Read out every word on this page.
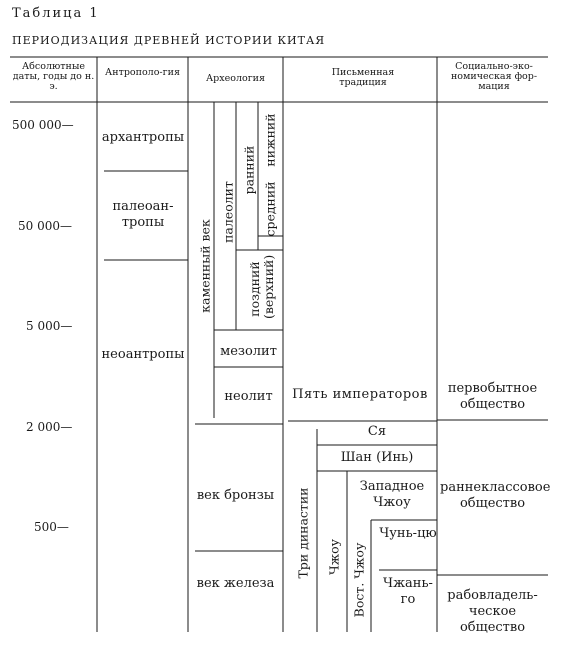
Таблица 1
ПЕРИОДИЗАЦИЯ ДРЕВНЕЙ ИСТОРИИ КИТАЯ
Абсолютные даты, годы до н. э.
Антрополо-гия
Археология
Письменная традиция
Социально-эко-номическая фор-мация
500 000—
50 000—
5 000—
2 000—
500—
архантропы
палеоан-тропы
неоантропы
каменный век
палеолит
ранний
нижний
средний
поздний (верхний)
мезолит
неолит
век бронзы
век железа
Пять императоров
Три династии
Ся
Шан (Инь)
Чжоу
Западное Чжоу
Вост. Чжоу
Чунь-цю
Чжань-го
первобытное общество
раннеклассовое общество
рабовладель-ческое общество
